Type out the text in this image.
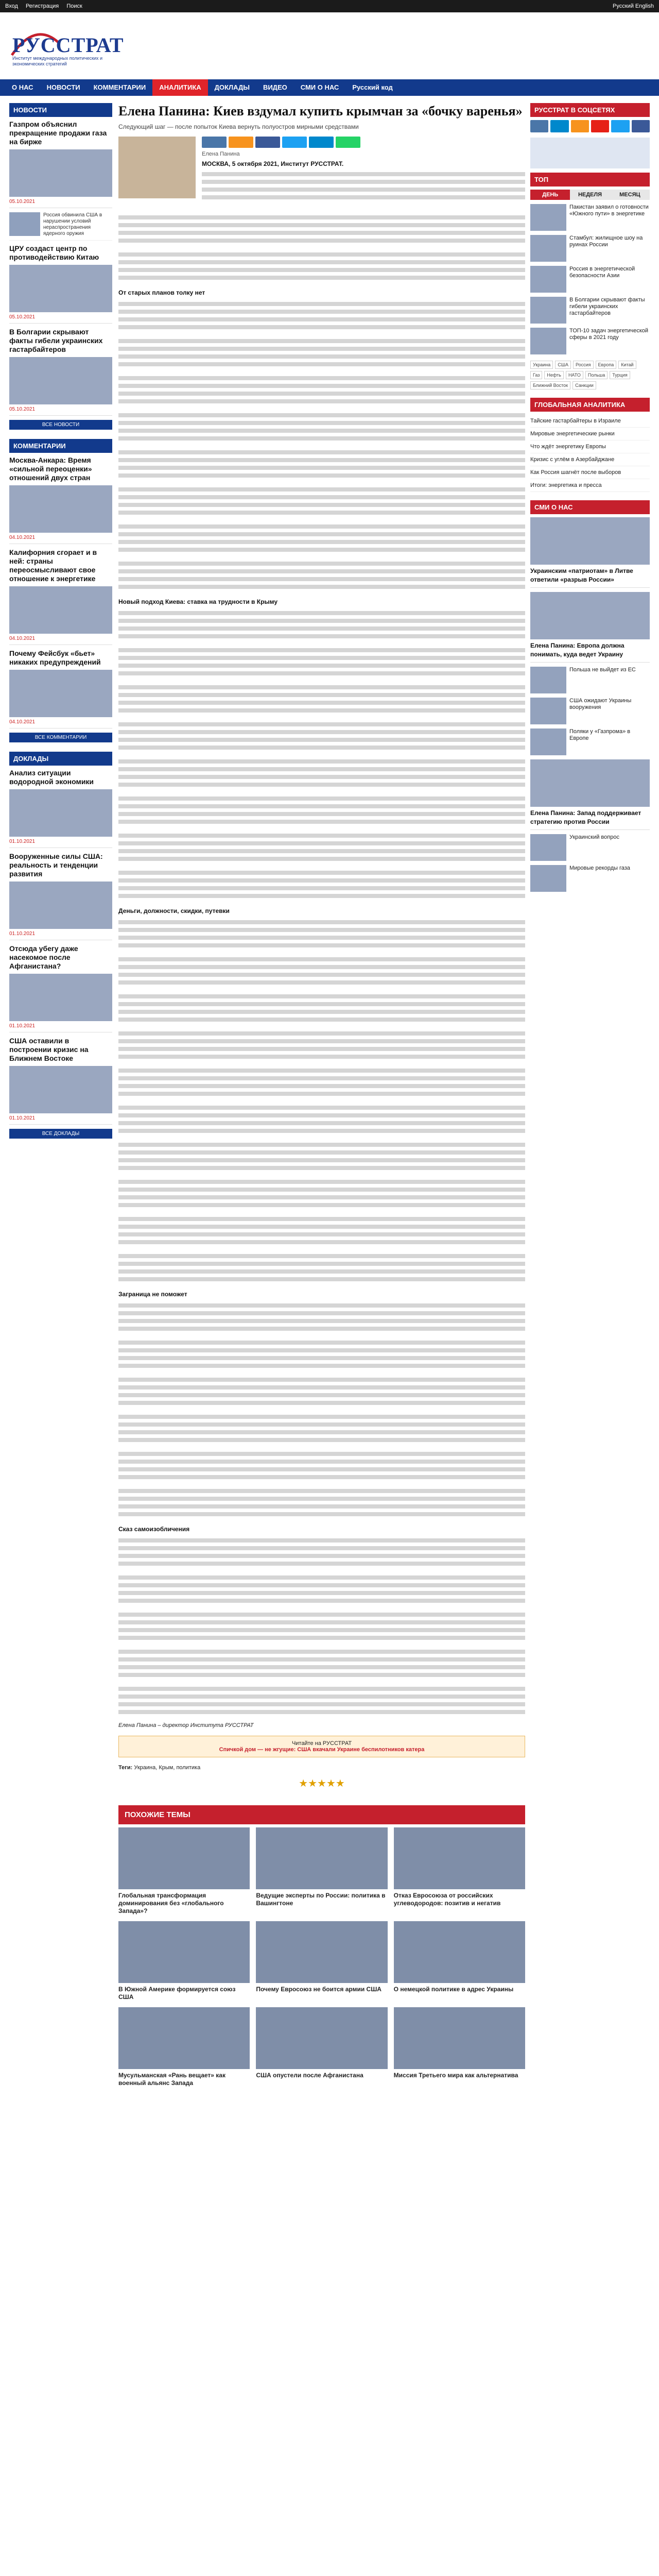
Вход Регистрация Поиск	Русский English
РУССТРАТ
Институт международных политических и экономических стратегий
О НАС	НОВОСТИ	КОММЕНТАРИИ	АНАЛИТИКА	ДОКЛАДЫ	ВИДЕО	СМИ О НАС	Русский код
НОВОСТИ
Газпром объяснил прекращение продажи газа на бирже
05.10.2021
Россия обвинила США в нарушении условий нераспространения ядерного оружия
ЦРУ создаст центр по противодействию Китаю
05.10.2021
В Болгарии скрывают факты гибели украинских гастарбайтеров
05.10.2021
ВСЕ НОВОСТИ
КОММЕНТАРИИ
Москва-Анкара: Время «сильной переоценки» отношений двух стран
04.10.2021
Калифорния сгорает и в ней: страны переосмысливают свое отношение к энергетике
04.10.2021
Почему Фейсбук «бьет» никаких предупреждений
04.10.2021
ВСЕ КОММЕНТАРИИ
ДОКЛАДЫ
Анализ ситуации водородной экономики
01.10.2021
Вооруженные силы США: реальность и тенденции развития
01.10.2021
Отсюда убегу даже насекомое после Афганистана?
01.10.2021
США оставили в построении кризис на Ближнем Востоке
01.10.2021
ВСЕ ДОКЛАДЫ
Елена Панина: Киев вздумал купить крымчан за «бочку варенья»
Следующий шаг — после попыток Киева вернуть полуостров мирными средствами
Елена Панина
МОСКВА, 5 октября 2021, Институт РУССТРАТ.
От старых планов толку нет
Новый подход Киева: ставка на трудности в Крыму
Деньги, должности, скидки, путевки
Заграница не поможет
Сказ самоизобличения
Елена Панина – директор Института РУССТРАТ
Читайте на РУССТРАТ
Спичкой дом — не жгущие: США вкачали Украине беспилотников катера
Теги: Украина, Крым, политика
★★★★★
ПОХОЖИЕ ТЕМЫ
Глобальная трансформация доминирования без «глобального Запада»?
Ведущие эксперты по России: политика в Вашингтоне
Отказ Евросоюза от российских углеводородов: позитив и негатив
В Южной Америке формируется союз США
Почему Евросоюз не боится армии США	О немецкой политике в адрес Украины
Мусульманская «Рань вещает» как военный альянс Запада
США опустели после Афганистана	Миссия Третьего мира как альтернатива
РУССТРАТ В СОЦСЕТЯХ
ТОП
ДЕНЬ	НЕДЕЛЯ	МЕСЯЦ
Пакистан заявил о готовности «Южного пути» в энергетике
Стамбул: жилищное шоу на руинах России
Россия в энергетической безопасности Азии
В Болгарии скрывают факты гибели украинских гастарбайтеров
ТОП-10 задач энергетической сферы в 2021 году
Украина	США	Россия	Европа	Китай
Газ	Нефть	НАТО	Польша	Турция
Ближний Восток	Санкции
ГЛОБАЛЬНАЯ АНАЛИТИКА
Тайские гастарбайтеры в Израиле
Мировые энергетические рынки
Что ждёт энергетику Европы
Кризис с углём в Азербайджане
Как Россия шагнёт после выборов
Итоги: энергетика и пресса
СМИ О НАС
Украинским «патриотам» в Литве ответили «разрыв России»
Елена Панина: Европа должна понимать, куда ведет Украину
Польша не выйдет из ЕС
США ожидают Украины вооружения
Поляки у «Газпрома» в Европе
Елена Панина: Запад поддерживает стратегию против России
Украинский вопрос
Мировые рекорды газа
